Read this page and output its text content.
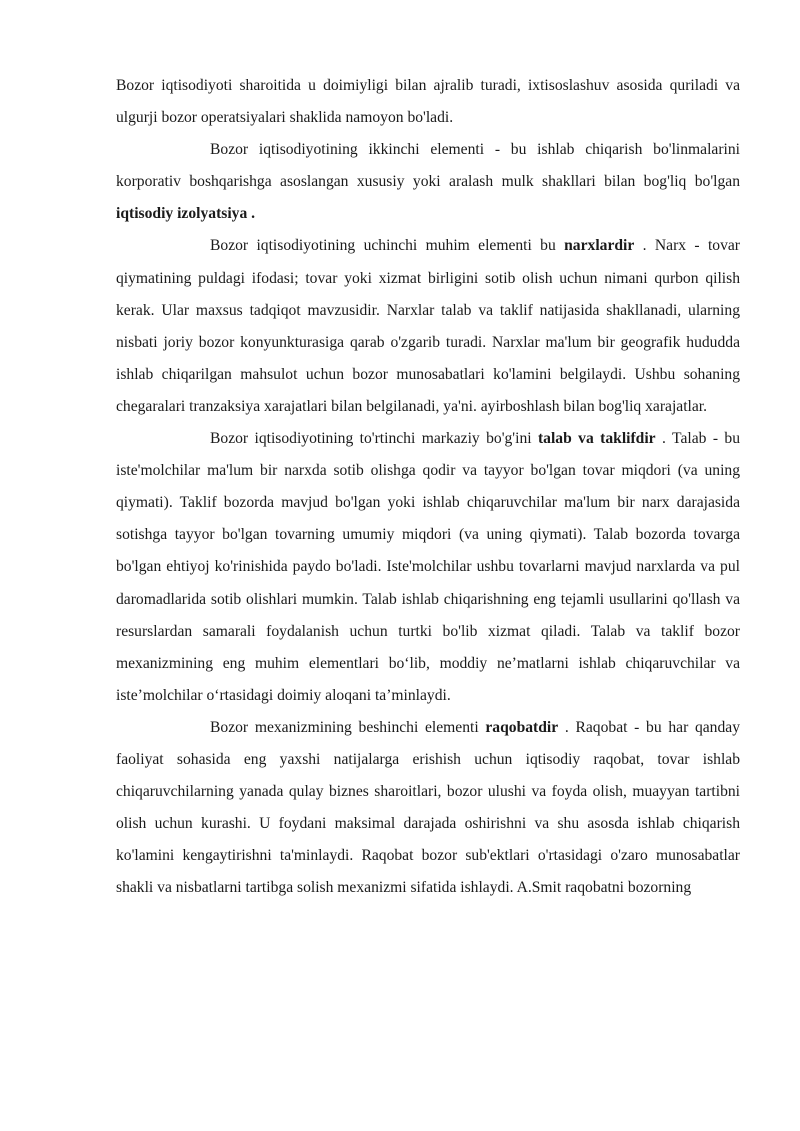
Bozor iqtisodiyoti sharoitida u doimiyligi bilan ajralib turadi, ixtisoslashuv asosida quriladi va ulgurji bozor operatsiyalari shaklida namoyon bo'ladi.

Bozor iqtisodiyotining ikkinchi elementi - bu ishlab chiqarish bo'linmalarini korporativ boshqarishga asoslangan xususiy yoki aralash mulk shakllari bilan bog'liq bo'lgan iqtisodiy izolyatsiya .

Bozor iqtisodiyotining uchinchi muhim elementi bu narxlardir . Narx - tovar qiymatining puldagi ifodasi; tovar yoki xizmat birligini sotib olish uchun nimani qurbon qilish kerak. Ular maxsus tadqiqot mavzusidir. Narxlar talab va taklif natijasida shakllanadi, ularning nisbati joriy bozor konyunkturasiga qarab o'zgarib turadi. Narxlar ma'lum bir geografik hududda ishlab chiqarilgan mahsulot uchun bozor munosabatlari ko'lamini belgilaydi. Ushbu sohaning chegaralari tranzaksiya xarajatlari bilan belgilanadi, ya'ni. ayirboshlash bilan bog'liq xarajatlar.

Bozor iqtisodiyotining to'rtinchi markaziy bo'g'ini talab va taklifdir . Talab - bu iste'molchilar ma'lum bir narxda sotib olishga qodir va tayyor bo'lgan tovar miqdori (va uning qiymati). Taklif bozorda mavjud bo'lgan yoki ishlab chiqaruvchilar ma'lum bir narx darajasida sotishga tayyor bo'lgan tovarning umumiy miqdori (va uning qiymati). Talab bozorda tovarga bo'lgan ehtiyoj ko'rinishida paydo bo'ladi. Iste'molchilar ushbu tovarlarni mavjud narxlarda va pul daromadlarida sotib olishlari mumkin. Talab ishlab chiqarishning eng tejamli usullarini qo'llash va resurslardan samarali foydalanish uchun turtki bo'lib xizmat qiladi. Talab va taklif bozor mexanizmining eng muhim elementlari bo‘lib, moddiy ne’matlarni ishlab chiqaruvchilar va iste’molchilar o‘rtasidagi doimiy aloqani ta’minlaydi.

Bozor mexanizmining beshinchi elementi raqobatdir . Raqobat - bu har qanday faoliyat sohasida eng yaxshi natijalarga erishish uchun iqtisodiy raqobat, tovar ishlab chiqaruvchilarning yanada qulay biznes sharoitlari, bozor ulushi va foyda olish, muayyan tartibni olish uchun kurashi. U foydani maksimal darajada oshirishni va shu asosda ishlab chiqarish ko'lamini kengaytirishni ta'minlaydi. Raqobat bozor sub'ektlari o'rtasidagi o'zaro munosabatlar shakli va nisbatlarni tartibga solish mexanizmi sifatida ishlaydi. A.Smit raqobatni bozorning
